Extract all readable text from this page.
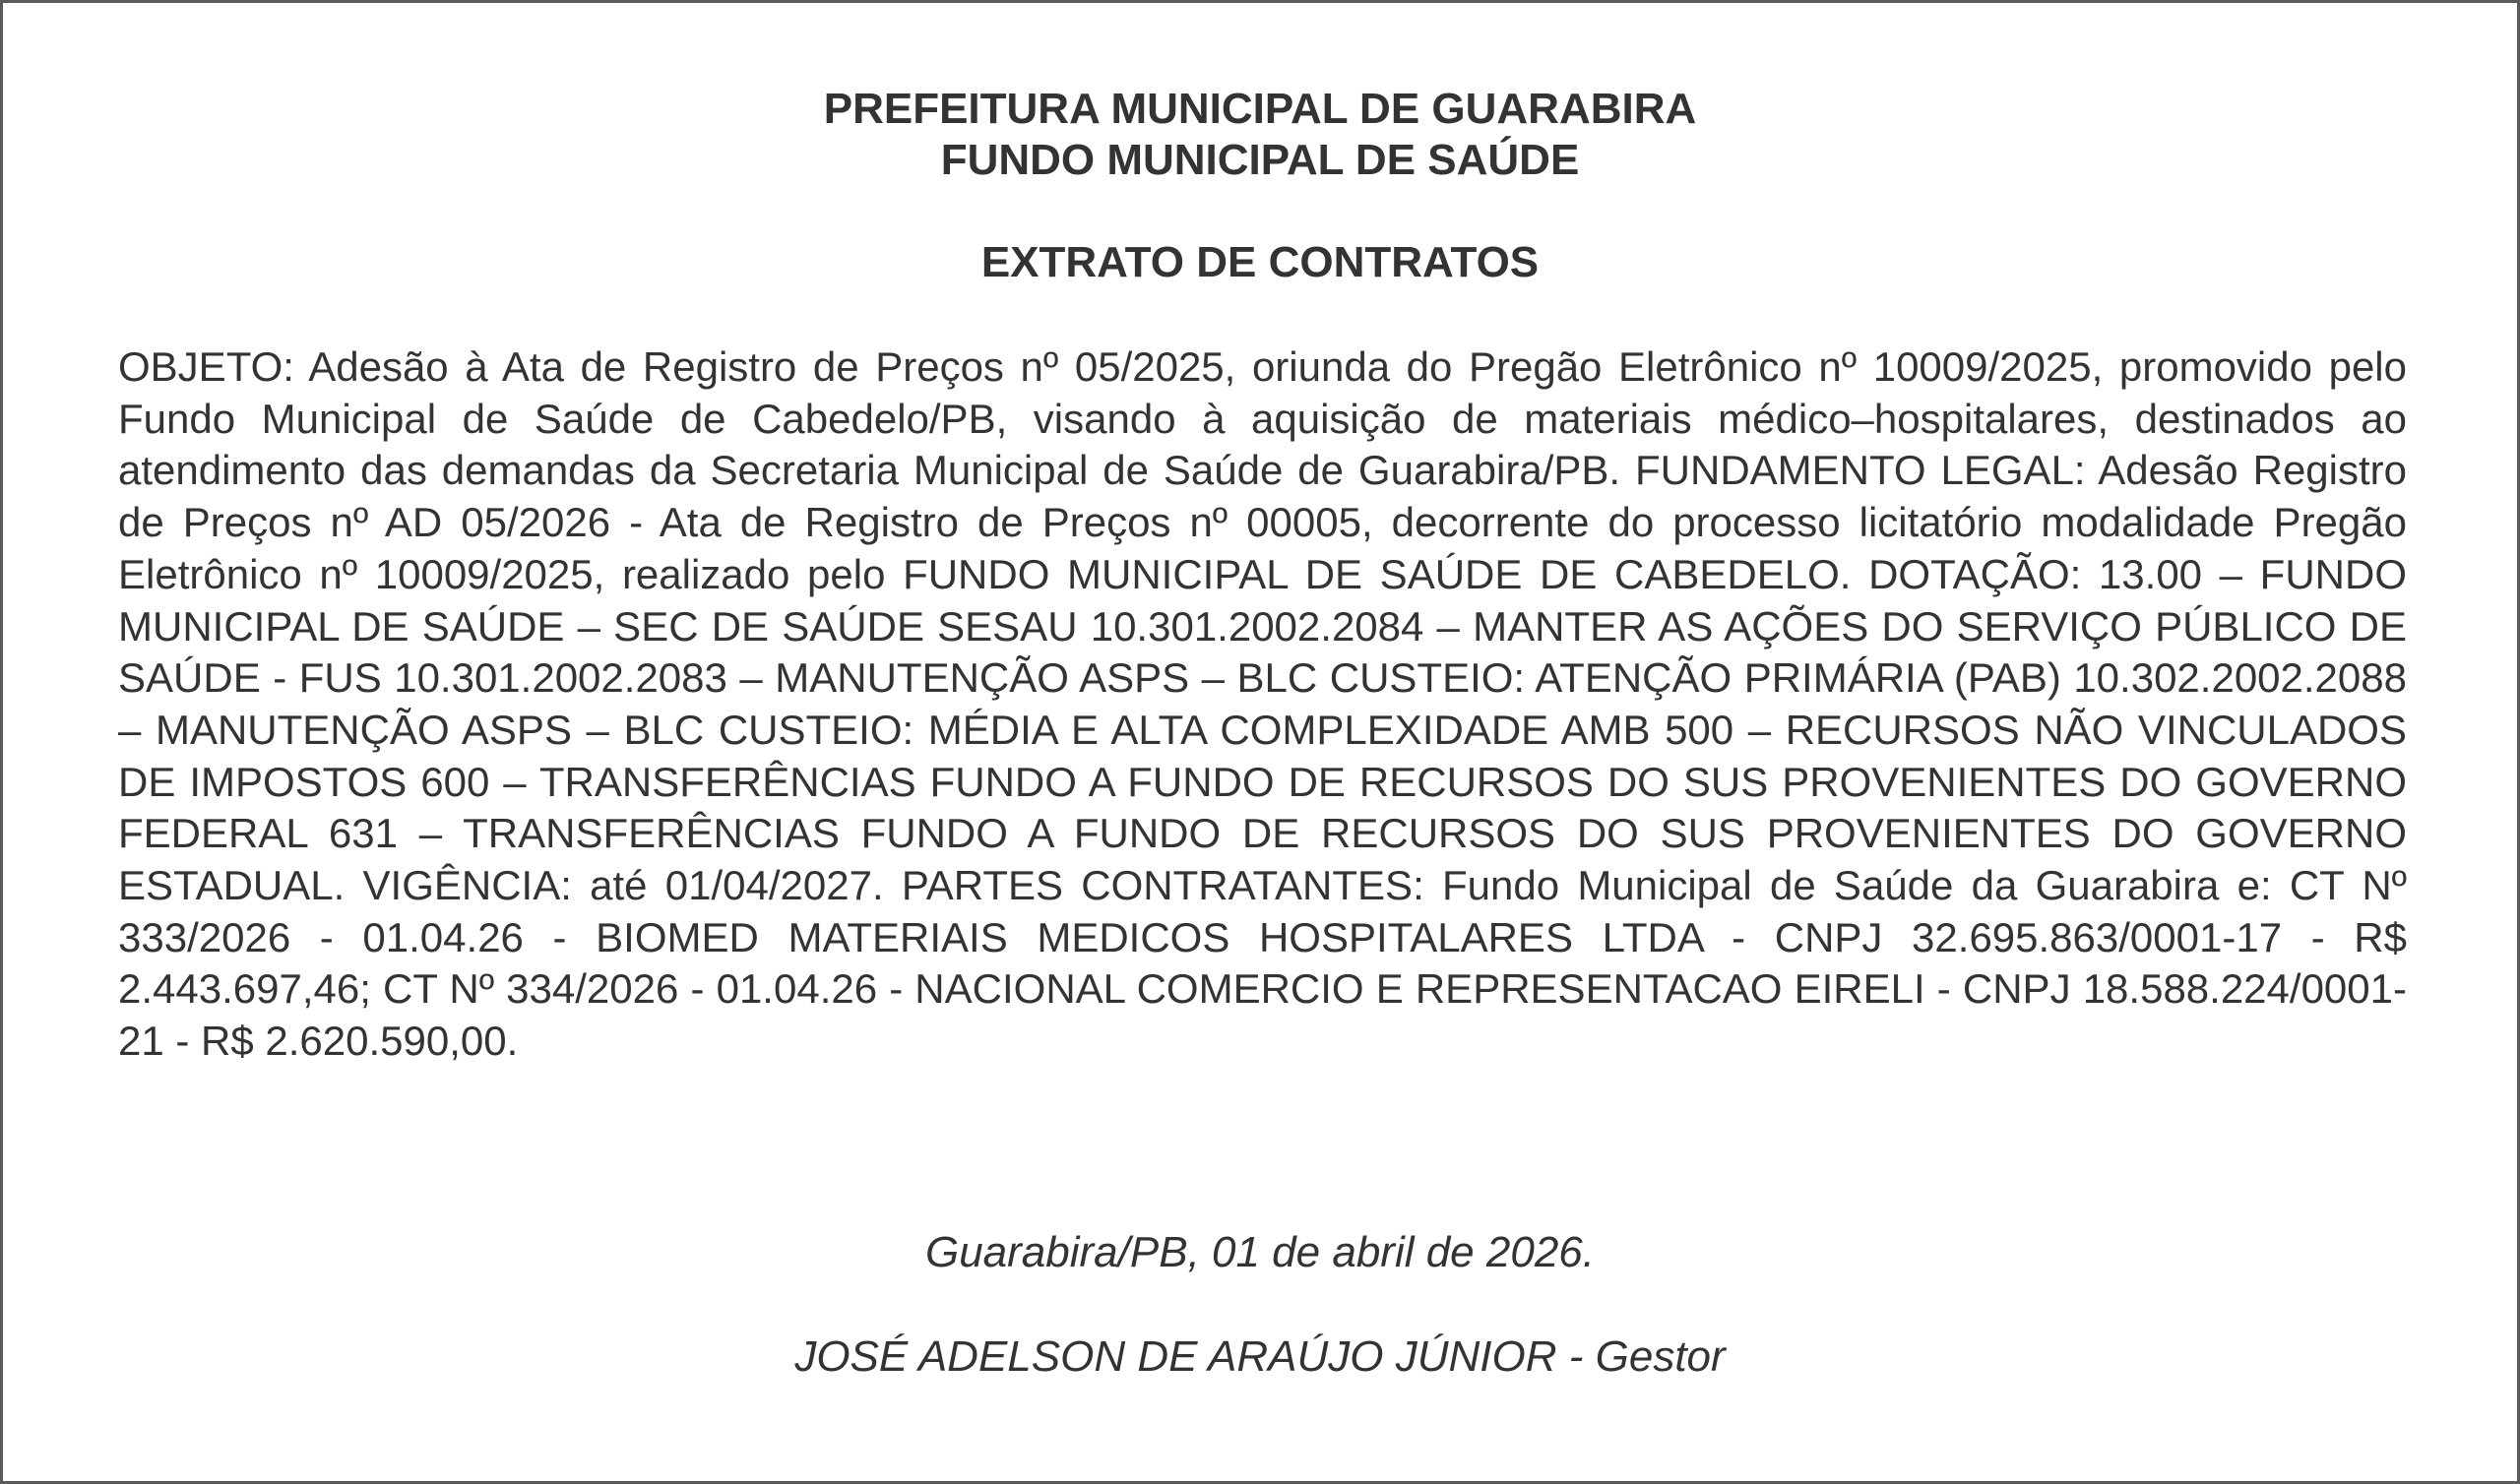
PREFEITURA MUNICIPAL DE GUARABIRA
FUNDO MUNICIPAL DE SAÚDE
EXTRATO DE CONTRATOS

OBJETO: Adesão à Ata de Registro de Preços nº 05/2025, oriunda do Pregão Eletrônico nº 10009/2025, promovido pelo Fundo Municipal de Saúde de Cabedelo/PB, visando à aquisição de materiais médico–hospitalares, destinados ao atendimento das demandas da Secretaria Municipal de Saúde de Guarabira/PB. FUNDAMENTO LEGAL: Adesão Registro de Preços nº AD 05/2026 - Ata de Registro de Preços nº 00005, decorrente do processo licitatório modalidade Pregão Eletrônico nº 10009/2025, realizado pelo FUNDO MUNICIPAL DE SAÚDE DE CABEDELO. DOTAÇÃO: 13.00 – FUNDO MUNICIPAL DE SAÚDE – SEC DE SAÚDE SESAU 10.301.2002.2084 – MANTER AS AÇÕES DO SERVIÇO PÚBLICO DE SAÚDE - FUS 10.301.2002.2083 – MANUTENÇÃO ASPS – BLC CUSTEIO: ATENÇÃO PRIMÁRIA (PAB) 10.302.2002.2088 – MANUTENÇÃO ASPS – BLC CUSTEIO: MÉDIA E ALTA COMPLEXIDADE AMB 500 – RECURSOS NÃO VINCULADOS DE IMPOSTOS 600 – TRANSFERÊNCIAS FUNDO A FUNDO DE RECURSOS DO SUS PROVENIENTES DO GOVERNO FEDERAL 631 – TRANSFERÊNCIAS FUNDO A FUNDO DE RECURSOS DO SUS PROVENIENTES DO GOVERNO ESTADUAL. VIGÊNCIA: até 01/04/2027. PARTES CONTRATANTES: Fundo Municipal de Saúde da Guarabira e: CT Nº 333/2026 - 01.04.26 - BIOMED MATERIAIS MEDICOS HOSPITALARES LTDA - CNPJ 32.695.863/0001-17 - R$ 2.443.697,46; CT Nº 334/2026 - 01.04.26 - NACIONAL COMERCIO E REPRESENTACAO EIRELI - CNPJ 18.588.224/0001-21 - R$ 2.620.590,00.

Guarabira/PB, 01 de abril de 2026.
JOSÉ ADELSON DE ARAÚJO JÚNIOR - Gestor
